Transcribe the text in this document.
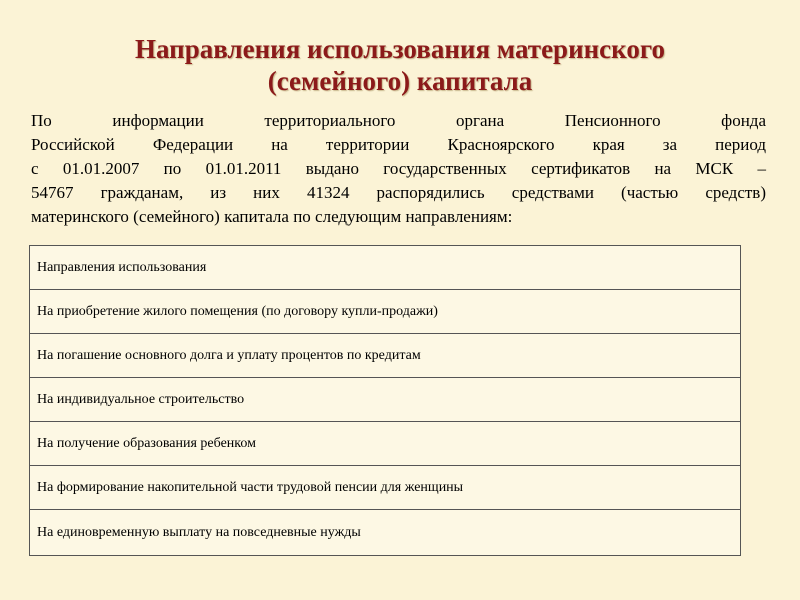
Направления использования материнского
(семейного) капитала
По информации территориального органа Пенсионного фонда
Российской Федерации на территории Красноярского края за период
с 01.01.2007 по 01.01.2011 выдано государственных сертификатов на МСК –
54767 гражданам, из них 41324 распорядились средствами (частью средств)
материнского (семейного) капитала по следующим направлениям:
Направления использования
На приобретение жилого помещения (по договору купли-продажи)
На погашение основного долга и уплату процентов по кредитам
На индивидуальное строительство
На получение образования ребенком
На формирование накопительной части трудовой пенсии для женщины
На единовременную выплату на повседневные нужды
